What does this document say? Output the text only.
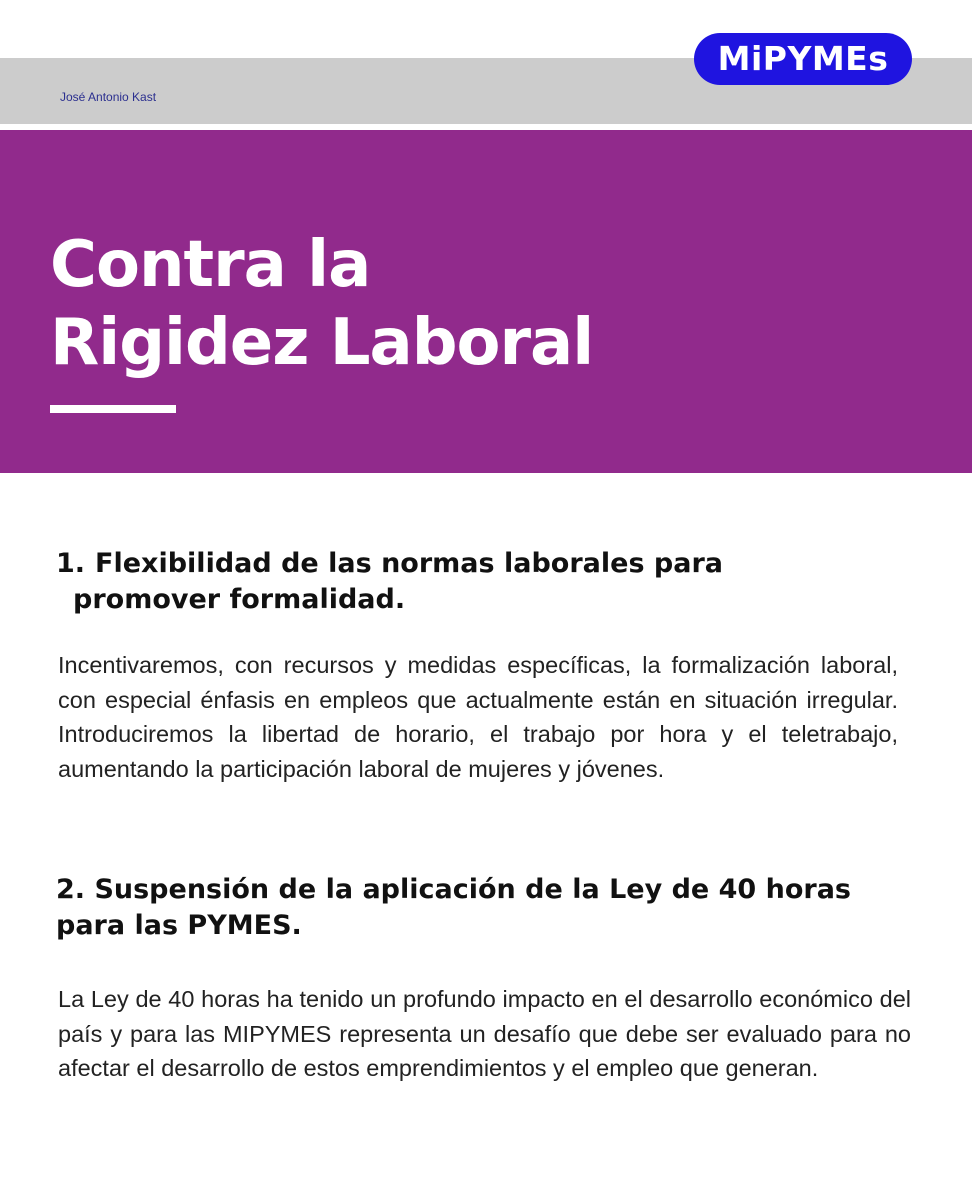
José Antonio Kast
MiPYMEs
Contra la
Rigidez Laboral
1. Flexibilidad de las normas laborales para
promover formalidad.

Incentivaremos, con recursos y medidas específicas, la formalización laboral, con especial énfasis en empleos que actualmente están en situación irregular. Introduciremos la libertad de horario, el trabajo por hora y el teletrabajo, aumentando la participación laboral de mujeres y jóvenes.

2. Suspensión de la aplicación de la Ley de 40 horas
para las PYMES.

La Ley de 40 horas ha tenido un profundo impacto en el desarrollo económico del país y para las MIPYMES representa un desafío que debe ser evaluado para no afectar el desarrollo de estos emprendimientos y el empleo que generan.
